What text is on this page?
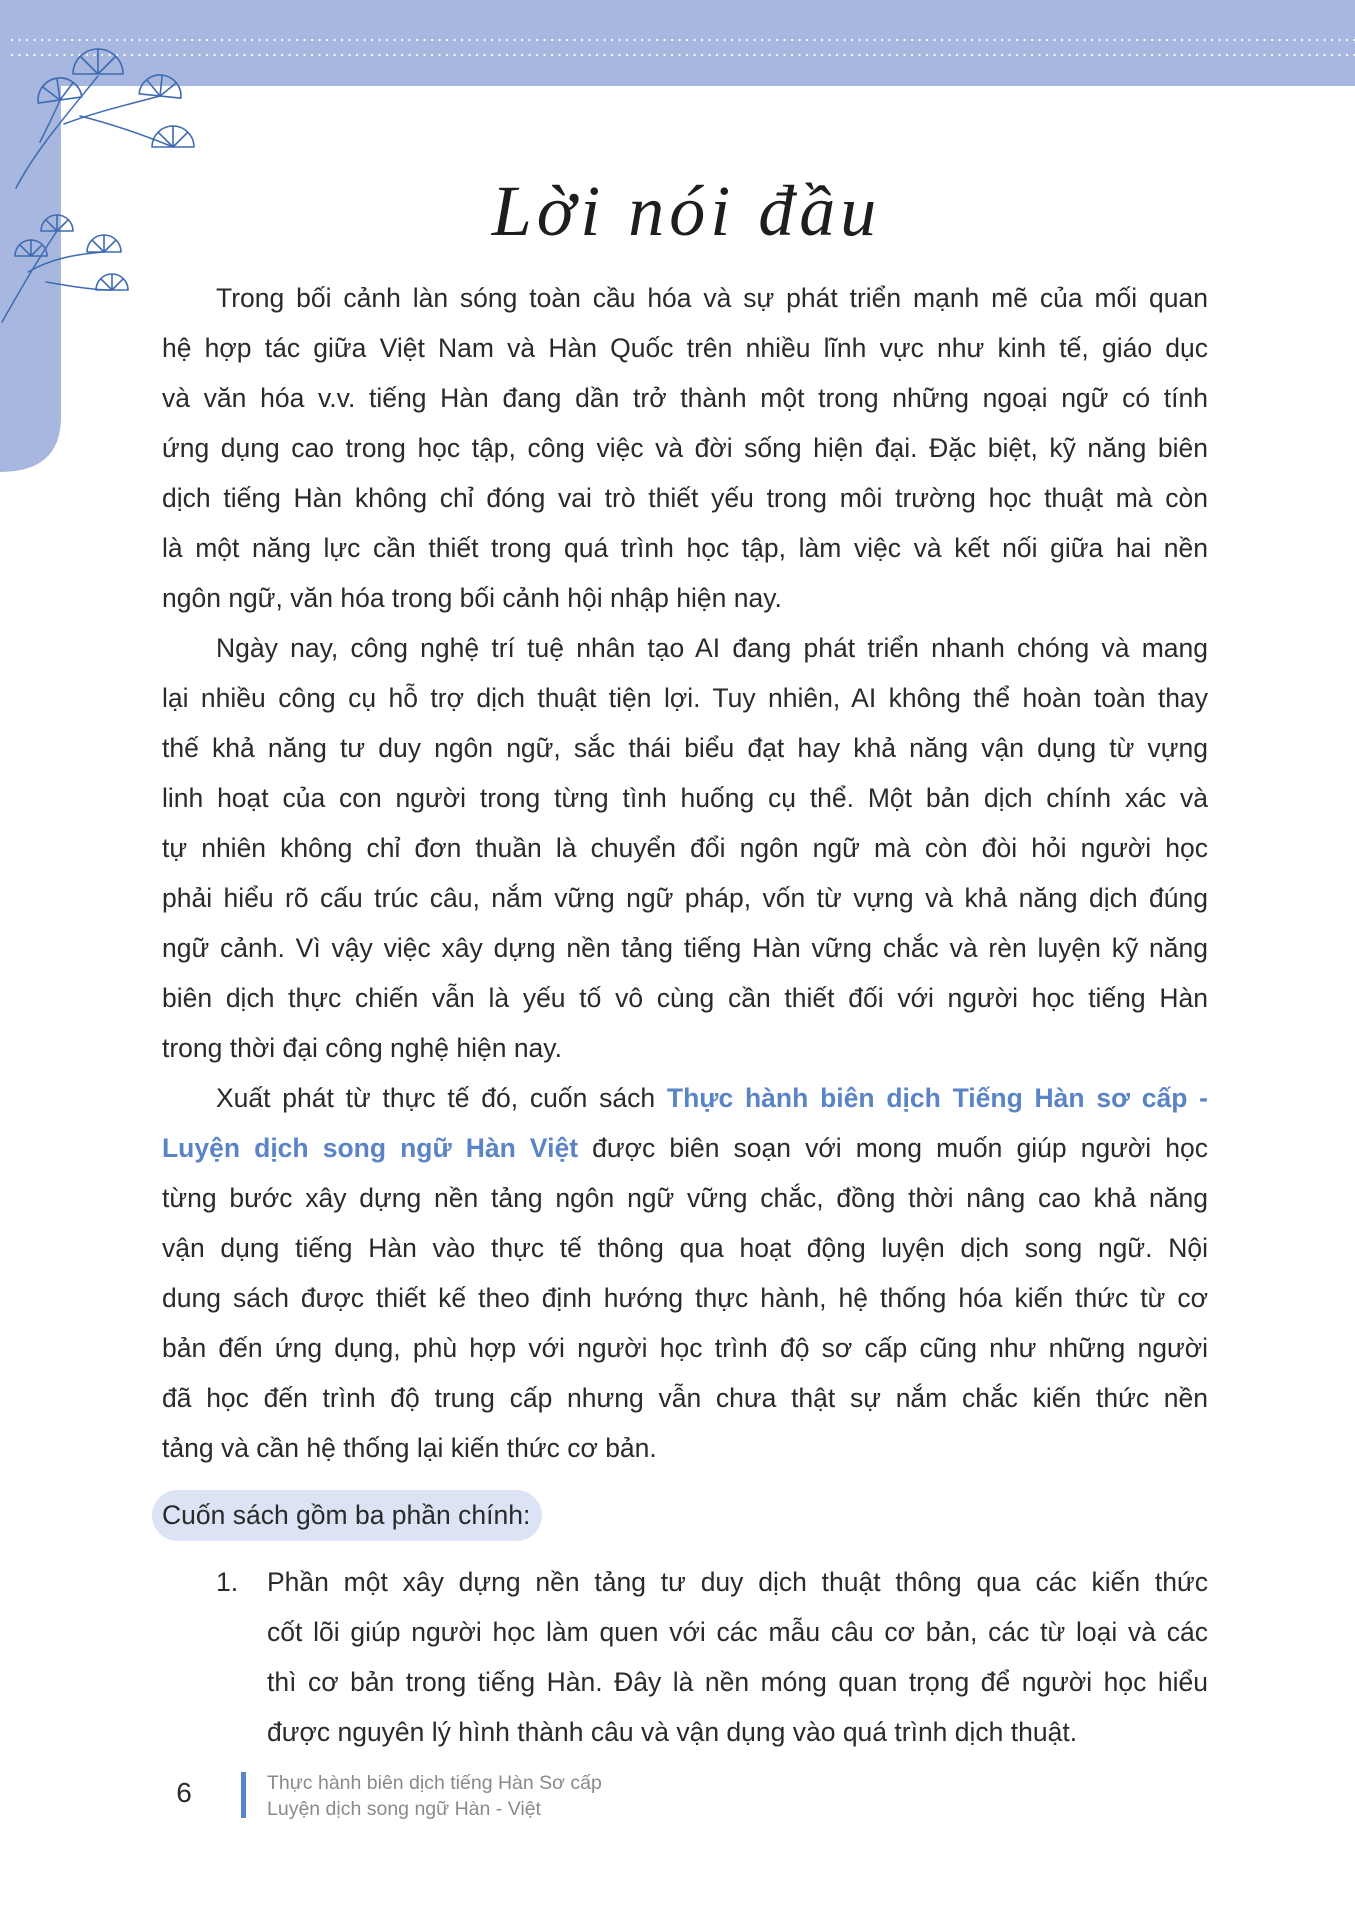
Lời nói đầu
Trong bối cảnh làn sóng toàn cầu hóa và sự phát triển mạnh mẽ của mối quan
hệ hợp tác giữa Việt Nam và Hàn Quốc trên nhiều lĩnh vực như kinh tế, giáo dục
và văn hóa v.v. tiếng Hàn đang dần trở thành một trong những ngoại ngữ có tính
ứng dụng cao trong học tập, công việc và đời sống hiện đại. Đặc biệt, kỹ năng biên
dịch tiếng Hàn không chỉ đóng vai trò thiết yếu trong môi trường học thuật mà còn
là một năng lực cần thiết trong quá trình học tập, làm việc và kết nối giữa hai nền
ngôn ngữ, văn hóa trong bối cảnh hội nhập hiện nay.
Ngày nay, công nghệ trí tuệ nhân tạo AI đang phát triển nhanh chóng và mang
lại nhiều công cụ hỗ trợ dịch thuật tiện lợi. Tuy nhiên, AI không thể hoàn toàn thay
thế khả năng tư duy ngôn ngữ, sắc thái biểu đạt hay khả năng vận dụng từ vựng
linh hoạt của con người trong từng tình huống cụ thể. Một bản dịch chính xác và
tự nhiên không chỉ đơn thuần là chuyển đổi ngôn ngữ mà còn đòi hỏi người học
phải hiểu rõ cấu trúc câu, nắm vững ngữ pháp, vốn từ vựng và khả năng dịch đúng
ngữ cảnh. Vì vậy việc xây dựng nền tảng tiếng Hàn vững chắc và rèn luyện kỹ năng
biên dịch thực chiến vẫn là yếu tố vô cùng cần thiết đối với người học tiếng Hàn
trong thời đại công nghệ hiện nay.
Xuất phát từ thực tế đó, cuốn sách Thực hành biên dịch Tiếng Hàn sơ cấp -
Luyện dịch song ngữ Hàn Việt được biên soạn với mong muốn giúp người học
từng bước xây dựng nền tảng ngôn ngữ vững chắc, đồng thời nâng cao khả năng
vận dụng tiếng Hàn vào thực tế thông qua hoạt động luyện dịch song ngữ. Nội
dung sách được thiết kế theo định hướng thực hành, hệ thống hóa kiến thức từ cơ
bản đến ứng dụng, phù hợp với người học trình độ sơ cấp cũng như những người
đã học đến trình độ trung cấp nhưng vẫn chưa thật sự nắm chắc kiến thức nền
tảng và cần hệ thống lại kiến thức cơ bản.
Cuốn sách gồm ba phần chính:
1.	Phần một xây dựng nền tảng tư duy dịch thuật thông qua các kiến thức
cốt lõi giúp người học làm quen với các mẫu câu cơ bản, các từ loại và các
thì cơ bản trong tiếng Hàn. Đây là nền móng quan trọng để người học hiểu
được nguyên lý hình thành câu và vận dụng vào quá trình dịch thuật.
6	Thực hành biên dịch tiếng Hàn Sơ cấp
Luyện dịch song ngữ Hàn - Việt
